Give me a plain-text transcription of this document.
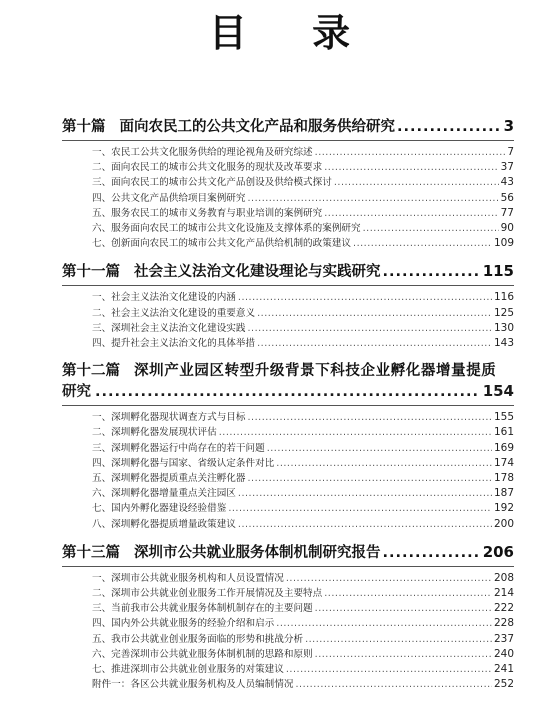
目 录
第十篇 面向农民工的公共文化产品和服务供给研究 .....	3
一、农民工公共文化服务供给的理论视角及研究综述 .....	7
二、面向农民工的城市公共文化服务的现状及改革要求 .....	37
三、面向农民工的城市公共文化产品创设及供给模式探讨 .....	43
四、公共文化产品供给项目案例研究 .....	56
五、服务农民工的城市义务教育与职业培训的案例研究 .....	77
六、服务面向农民工的城市公共文化设施及支撑体系的案例研究 .....	90
七、创新面向农民工的城市公共文化产品供给机制的政策建议 .....	109
第十一篇 社会主义法治文化建设理论与实践研究 .....	115
一、社会主义法治文化建设的内涵 .....	116
二、社会主义法治文化建设的重要意义 .....	125
三、深圳社会主义法治文化建设实践 .....	130
四、提升社会主义法治文化的具体举措 .....	143
第十二篇 深圳产业园区转型升级背景下科技企业孵化器增量提质
研究 .....	154
一、深圳孵化器现状调查方式与目标 .....	155
二、深圳孵化器发展现状评估 .....	161
三、深圳孵化器运行中尚存在的若干问题 .....	169
四、深圳孵化器与国家、省级认定条件对比 .....	174
五、深圳孵化器提质重点关注孵化器 .....	178
六、深圳孵化器增量重点关注园区 .....	187
七、国内外孵化器建设经验借鉴 .....	192
八、深圳孵化器提质增量政策建议 .....	200
第十三篇 深圳市公共就业服务体制机制研究报告 .....	206
一、深圳市公共就业服务机构和人员设置情况 .....	208
二、深圳市公共就业创业服务工作开展情况及主要特点 .....	214
三、当前我市公共就业服务体制机制存在的主要问题 .....	222
四、国内外公共就业服务的经验介绍和启示 .....	228
五、我市公共就业创业服务面临的形势和挑战分析 .....	237
六、完善深圳市公共就业服务体制机制的思路和原则 .....	240
七、推进深圳市公共就业创业服务的对策建议 .....	241
附件一：各区公共就业服务机构及人员编制情况 .....	252
